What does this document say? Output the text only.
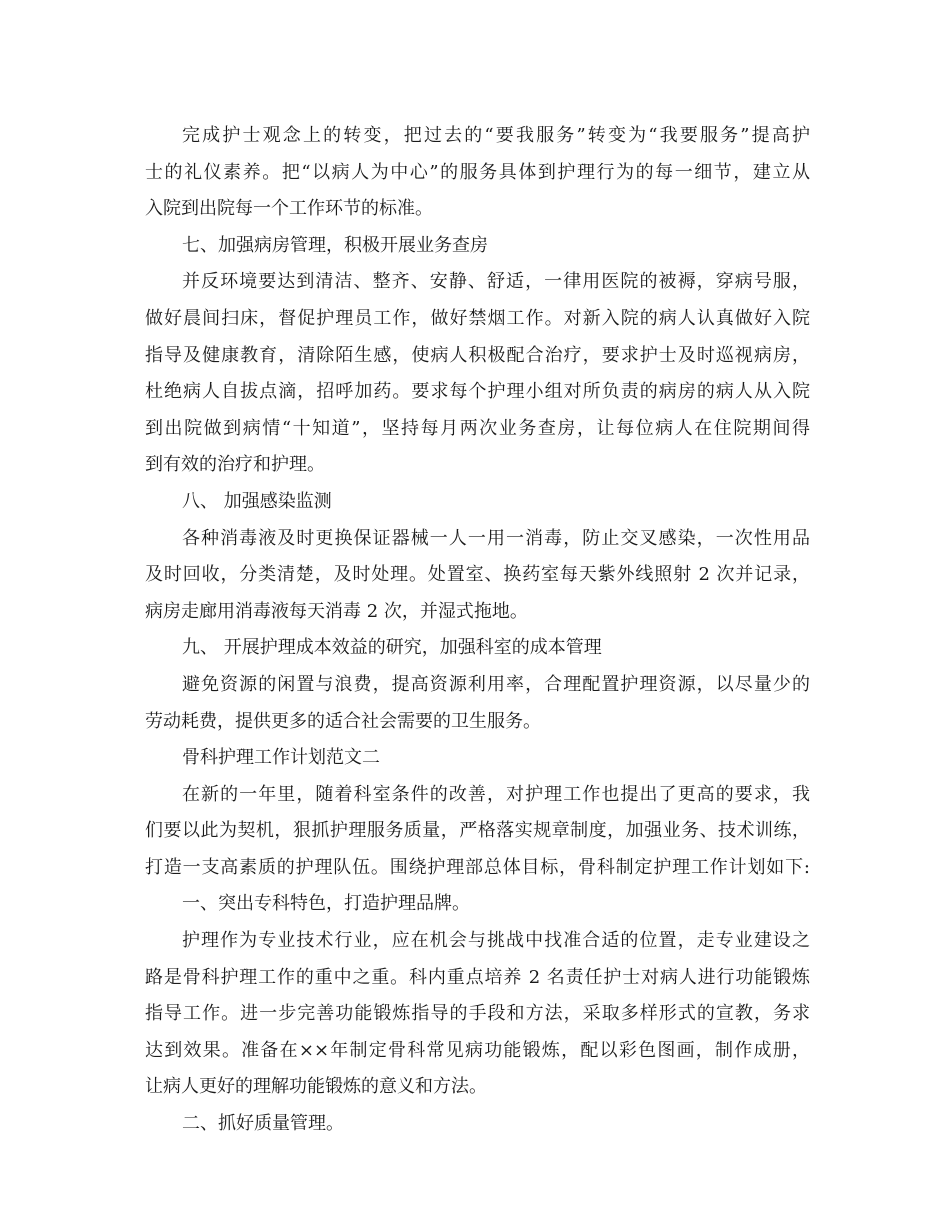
完成护士观念上的转变，把过去的“要我服务”转变为“我要服务”提高护
士的礼仪素养。把“以病人为中心”的服务具体到护理行为的每一细节，建立从
入院到出院每一个工作环节的标准。
七、加强病房管理，积极开展业务查房
并反环境要达到清洁、整齐、安静、舒适，一律用医院的被褥，穿病号服，
做好晨间扫床，督促护理员工作，做好禁烟工作。对新入院的病人认真做好入院
指导及健康教育，清除陌生感，使病人积极配合治疗，要求护士及时巡视病房，
杜绝病人自拔点滴，招呼加药。要求每个护理小组对所负责的病房的病人从入院
到出院做到病情“十知道”，坚持每月两次业务查房，让每位病人在住院期间得
到有效的治疗和护理。
八、 加强感染监测
各种消毒液及时更换保证器械一人一用一消毒，防止交叉感染，一次性用品
及时回收，分类清楚，及时处理。处置室、换药室每天紫外线照射 2 次并记录，
病房走廊用消毒液每天消毒 2 次，并湿式拖地。
九、 开展护理成本效益的研究，加强科室的成本管理
避免资源的闲置与浪费，提高资源利用率，合理配置护理资源，以尽量少的
劳动耗费，提供更多的适合社会需要的卫生服务。
骨科护理工作计划范文二
在新的一年里，随着科室条件的改善，对护理工作也提出了更高的要求，我
们要以此为契机，狠抓护理服务质量，严格落实规章制度，加强业务、技术训练，
打造一支高素质的护理队伍。围绕护理部总体目标，骨科制定护理工作计划如下:
一、突出专科特色，打造护理品牌。
护理作为专业技术行业，应在机会与挑战中找准合适的位置，走专业建设之
路是骨科护理工作的重中之重。科内重点培养 2 名责任护士对病人进行功能锻炼
指导工作。进一步完善功能锻炼指导的手段和方法，采取多样形式的宣教，务求
达到效果。准备在××年制定骨科常见病功能锻炼，配以彩色图画，制作成册，
让病人更好的理解功能锻炼的意义和方法。
二、抓好质量管理。
